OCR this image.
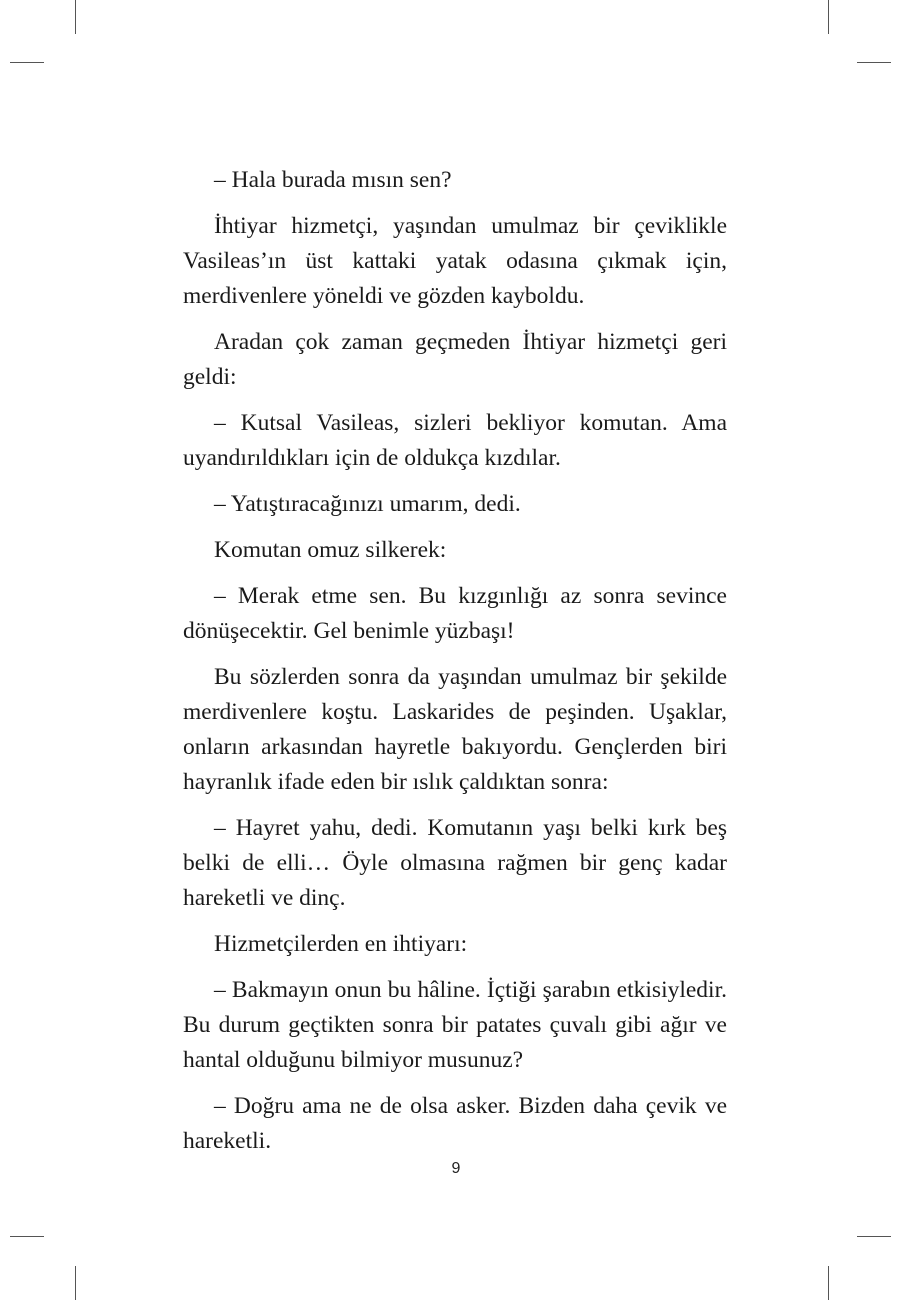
– Hala burada mısın sen?

İhtiyar hizmetçi, yaşından umulmaz bir çeviklikle Vasileas’ın üst kattaki yatak odasına çıkmak için, merdivenlere yöneldi ve gözden kayboldu.

Aradan çok zaman geçmeden İhtiyar hizmetçi geri geldi:

– Kutsal Vasileas, sizleri bekliyor komutan. Ama uyandırıldıkları için de oldukça kızdılar.

– Yatıştıracağınızı umarım, dedi.

Komutan omuz silkerek:

– Merak etme sen. Bu kızgınlığı az sonra sevince dönüşecektir. Gel benimle yüzbaşı!

Bu sözlerden sonra da yaşından umulmaz bir şekilde merdivenlere koştu. Laskarides de peşinden. Uşaklar, onların arkasından hayretle bakıyordu. Gençlerden biri hayranlık ifade eden bir ıslık çaldıktan sonra:

– Hayret yahu, dedi. Komutanın yaşı belki kırk beş belki de elli… Öyle olmasına rağmen bir genç kadar hareketli ve dinç.

Hizmetçilerden en ihtiyarı:

– Bakmayın onun bu hâline. İçtiği şarabın etkisiyledir. Bu durum geçtikten sonra bir patates çuvalı gibi ağır ve hantal olduğunu bilmiyor musunuz?

– Doğru ama ne de olsa asker. Bizden daha çevik ve hareketli.

9
